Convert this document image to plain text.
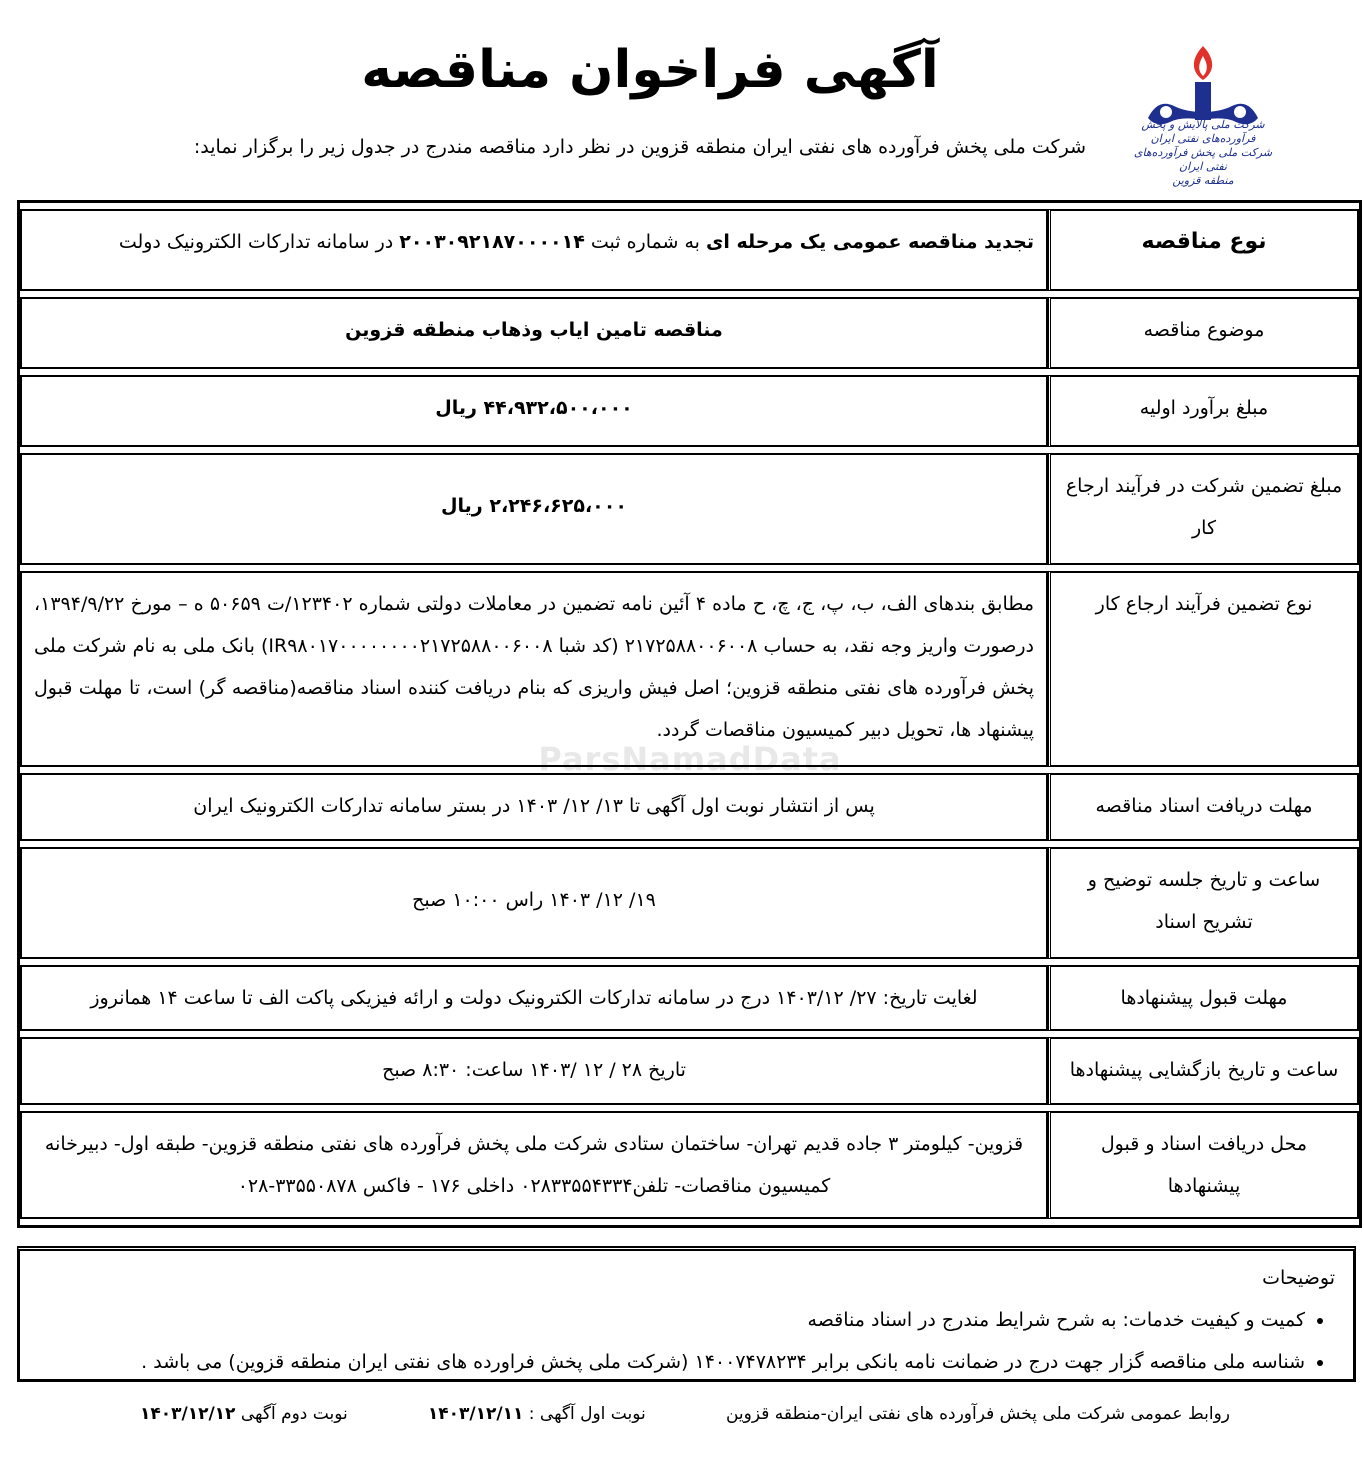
آگهی فراخوان مناقصه
شرکت ملی پخش فرآورده های نفتی ایران منطقه قزوین در نظر دارد مناقصه مندرج در جدول زیر را برگزار نماید:
شرکت ملی پالایش و پخش فرآورده‌های نفتی ایران
شرکت ملی پخش فرآورده‌های نفتی ایران
منطقه قزوین
ParsNamadData
نوع مناقصه	تجدید مناقصه عمومی یک مرحله ای به شماره ثبت ۲۰۰۳۰۹۲۱۸۷۰۰۰۰۱۴ در سامانه تدارکات الکترونیک دولت
موضوع مناقصه	مناقصه تامین ایاب وذهاب منطقه قزوین
مبلغ برآورد اولیه	۴۴،۹۳۲،۵۰۰،۰۰۰ ریال
مبلغ تضمین شرکت در فرآیند ارجاع کار	۲،۲۴۶،۶۲۵،۰۰۰ ریال
نوع تضمین فرآیند ارجاع کار	مطابق بندهای الف، ب، پ، ج، چ، ح ماده ۴ آئین نامه تضمین در معاملات دولتی شماره ۱۲۳۴۰۲/ت ۵۰۶۵۹ ه – مورخ ۱۳۹۴/۹/۲۲، درصورت واریز وجه نقد، به حساب ۲۱۷۲۵۸۸۰۰۶۰۰۸ (کد شبا IR۹۸۰۱۷۰۰۰۰۰۰۰۰۲۱۷۲۵۸۸۰۰۶۰۰۸) بانک ملی به نام شرکت ملی پخش فرآورده های نفتی منطقه قزوین؛ اصل فیش واریزی که بنام دریافت کننده اسناد مناقصه(مناقصه گر) است، تا مهلت قبول پیشنهاد ها، تحویل دبیر کمیسیون مناقصات گردد.
مهلت دریافت اسناد مناقصه	پس از انتشار نوبت اول آگهی تا ۱۳/ ۱۲/ ۱۴۰۳ در بستر سامانه تدارکات الکترونیک ایران
ساعت و تاریخ جلسه توضیح و تشریح اسناد	۱۹/ ۱۲/ ۱۴۰۳ راس ۱۰:۰۰ صبح
مهلت قبول پیشنهادها	لغایت تاریخ: ۲۷/ ۱۴۰۳/۱۲ درج در سامانه تدارکات الکترونیک دولت و ارائه فیزیکی پاکت الف تا ساعت ۱۴ همانروز
ساعت و تاریخ بازگشایی پیشنهادها	تاریخ ۲۸ / ۱۲ /۱۴۰۳ ساعت: ۸:۳۰ صبح
محل دریافت اسناد و قبول پیشنهادها	قزوین- کیلومتر ۳ جاده قدیم تهران- ساختمان ستادی شرکت ملی پخش فرآورده های نفتی منطقه قزوین- طبقه اول- دبیرخانه کمیسیون مناقصات- تلفن۰۲۸۳۳۵۵۴۳۳۴ داخلی ۱۷۶ - فاکس ۳۳۵۵۰۸۷۸-۰۲۸
توضیحات
• کمیت و کیفیت خدمات: به شرح شرایط مندرج در اسناد مناقصه
• شناسه ملی مناقصه گزار جهت درج در ضمانت نامه بانکی برابر ۱۴۰۰۷۴۷۸۲۳۴ (شرکت ملی پخش فراورده های نفتی ایران منطقه قزوین) می باشد .
روابط عمومی شرکت ملی پخش فرآورده های نفتی ایران-منطقه قزوین
نوبت اول آگهی : ۱۴۰۳/۱۲/۱۱
نوبت دوم آگهی ۱۴۰۳/۱۲/۱۲
